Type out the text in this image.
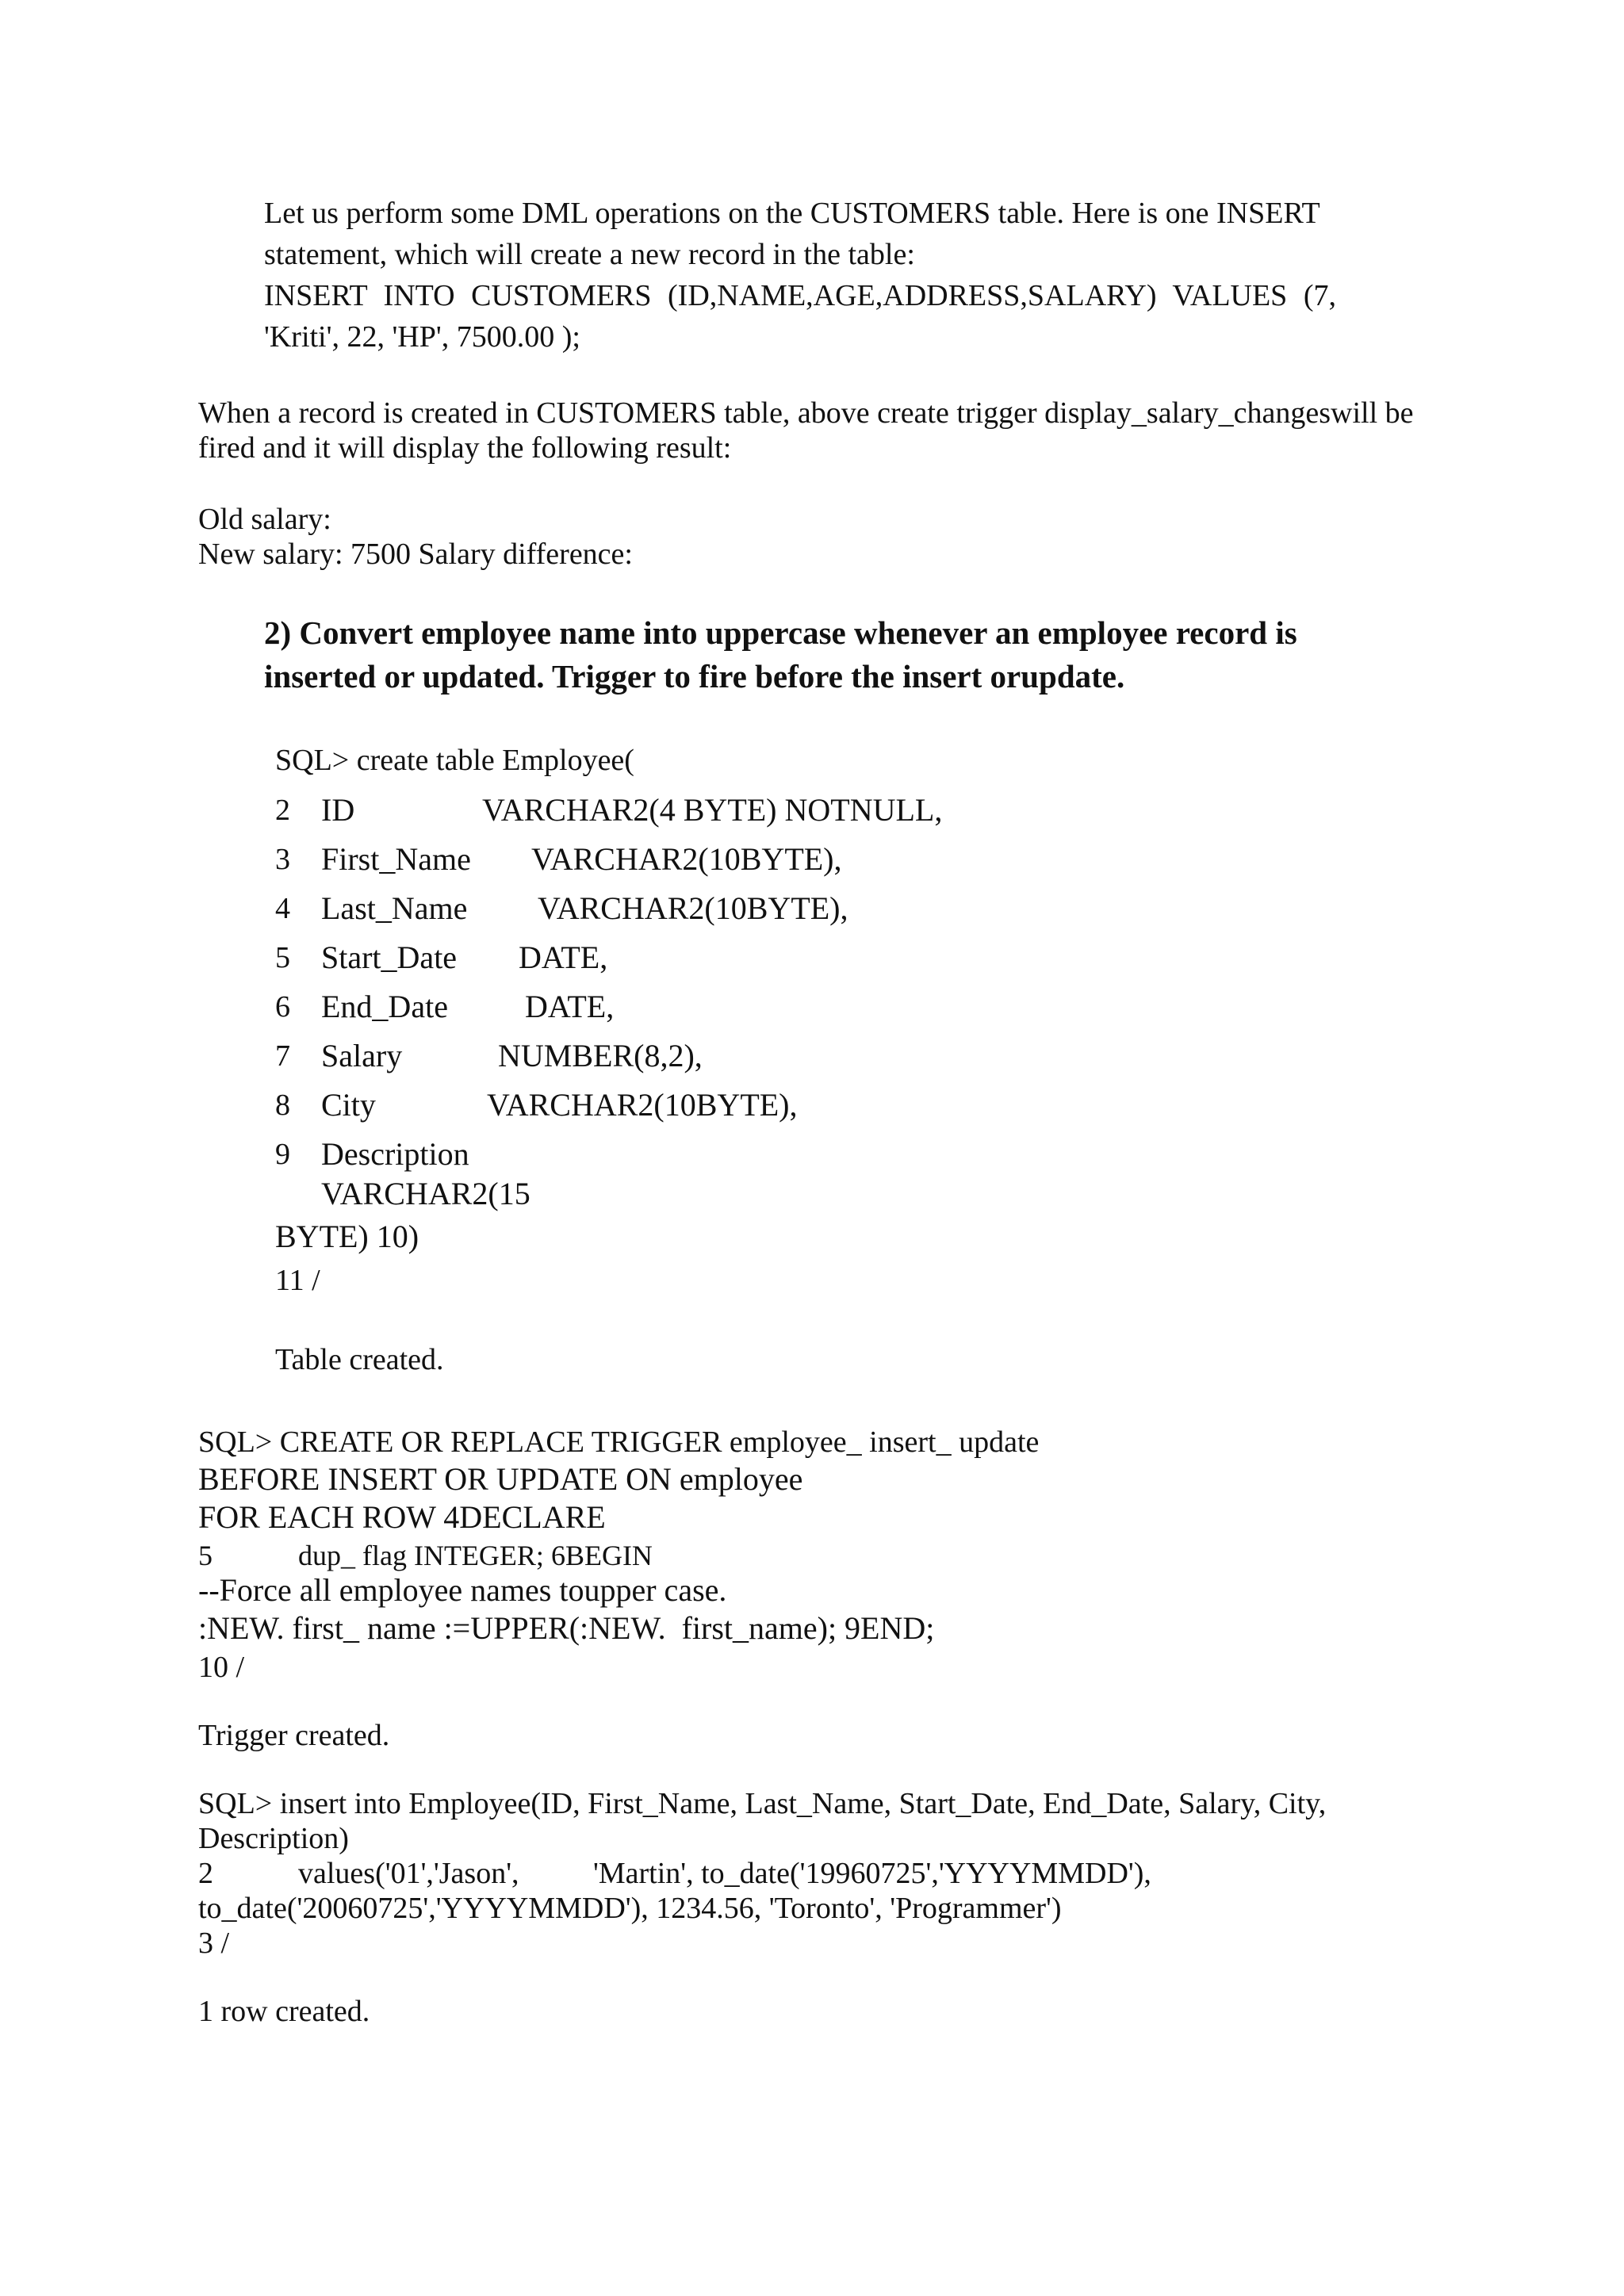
Let us perform some DML operations on the CUSTOMERS table. Here is one INSERT
statement, which will create a new record in the table:
INSERT INTO CUSTOMERS (ID,NAME,AGE,ADDRESS,SALARY) VALUES (7,
'Kriti', 22, 'HP', 7500.00 );
When a record is created in CUSTOMERS table, above create trigger display_salary_changeswill be
fired and it will display the following result:
Old salary:
New salary: 7500 Salary difference:
2) Convert employee name into uppercase whenever an employee record is
inserted or updated. Trigger to fire before the insert orupdate.
SQL> create table Employee(
2 ID	VARCHAR2(4 BYTE) NOTNULL,
3 First_Name VARCHAR2(10BYTE),
4 Last_Name VARCHAR2(10BYTE),
5 Start_Date DATE,
6 End_Date DATE,
7 Salary	NUMBER(8,2),
8 City	VARCHAR2(10BYTE),
9 Description
VARCHAR2(15
BYTE) 10)
11 /
Table created.
SQL> CREATE OR REPLACE TRIGGER employee_ insert_ update
BEFORE INSERT OR UPDATE ON employee
FOR EACH ROW 4DECLARE
5	dup_ flag INTEGER; 6BEGIN
--Force all employee names toupper case.
:NEW. first_ name :=UPPER(:NEW.  first_name); 9END;
10 /
Trigger created.
SQL> insert into Employee(ID, First_Name, Last_Name, Start_Date, End_Date, Salary, City,
Description)
2	values('01','Jason', 'Martin', to_date('19960725','YYYYMMDD'),
to_date('20060725','YYYYMMDD'), 1234.56, 'Toronto', 'Programmer')
3 /
1 row created.
